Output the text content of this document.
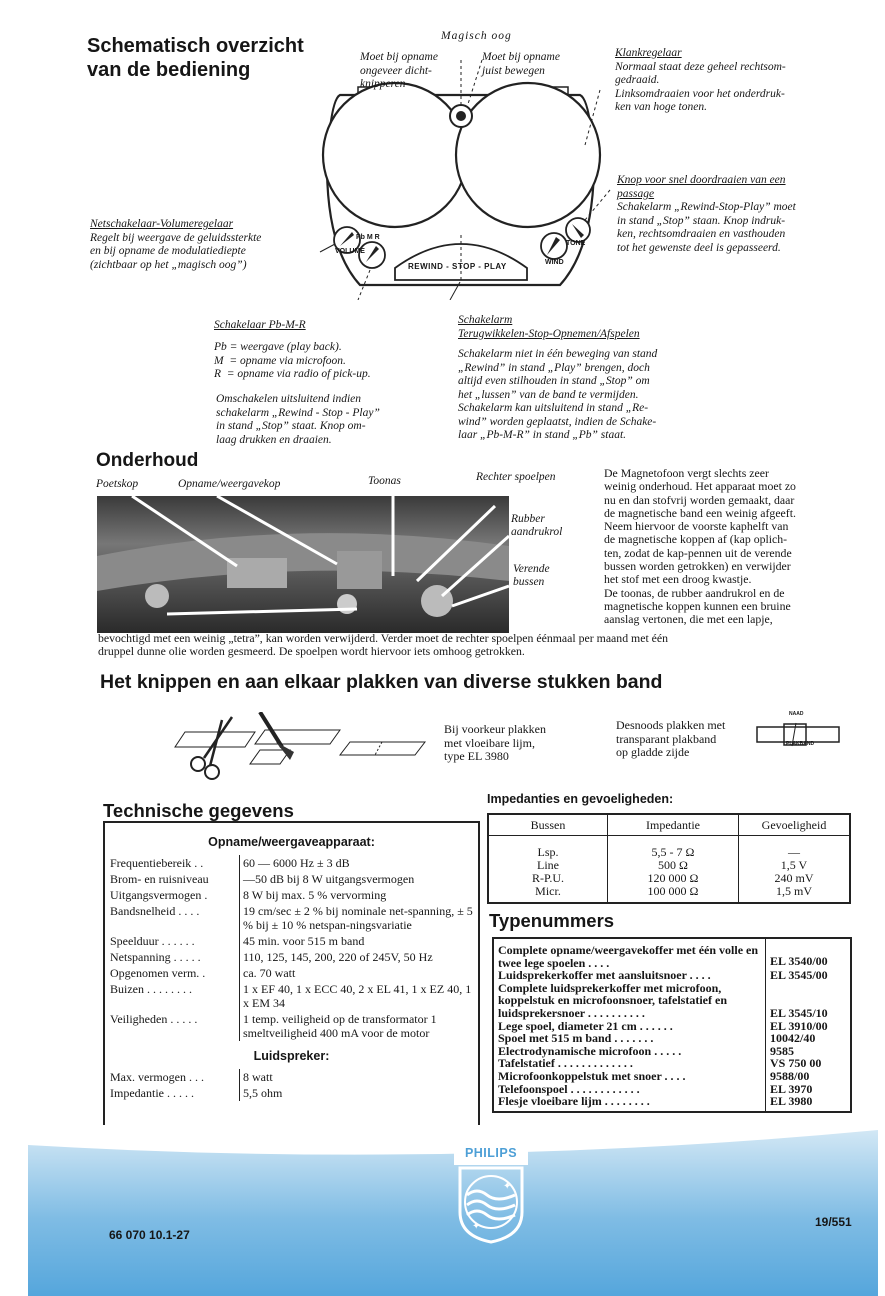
Schematisch overzicht
van de bediening
REWIND - STOP - PLAY
VOLUME
Pb M R
TONE
WIND
Magisch oog
Moet bij opname
ongeveer dicht-
knipperen
Moet bij opname
juist bewegen
Klankregelaar
Normaal staat deze geheel rechtsom-
gedraaid.
Linksomdraaien voor het onderdruk-
ken van hoge tonen.
Knop voor snel doordraaien van een
passage
Schakelarm „Rewind-Stop-Play” moet
in stand „Stop” staan. Knop indruk-
ken, rechtsomdraaien en vasthouden
tot het gewenste deel is gepasseerd.
Netschakelaar-Volumeregelaar
Regelt bij weergave de geluidssterkte
en bij opname de modulatiediepte
(zichtbaar op het „magisch oog”)
Schakelaar Pb-M-R
Pb = weergave (play back).
M  = opname via microfoon.
R  = opname via radio of pick-up.
Omschakelen uitsluitend indien
schakelarm „Rewind - Stop - Play”
in stand „Stop” staat. Knop om-
laag drukken en draaien.
Schakelarm
Terugwikkelen-Stop-Opnemen/Afspelen
Schakelarm niet in één beweging van stand
„Rewind” in stand „Play” brengen, doch
altijd even stilhouden in stand „Stop” om
het „lussen” van de band te vermijden.
Schakelarm kan uitsluitend in stand „Re-
wind” worden geplaatst, indien de Schake-
laar „Pb-M-R” in stand „Pb” staat.
Onderhoud
Poetskop	Opname/weergavekop	Toonas	Rechter spoelpen
Rubber
aandrukrol
Verende
bussen
De Magnetofoon vergt slechts zeer
weinig onderhoud. Het apparaat moet zo
nu en dan stofvrij worden gemaakt, daar
de magnetische band een weinig afgeeft.
Neem hiervoor de voorste kaphelft van
de magnetische koppen af (kap oplich-
ten, zodat de kap-pennen uit de verende
bussen worden getrokken) en verwijder
het stof met een droog kwastje.
De toonas, de rubber aandrukrol en de
magnetische koppen kunnen een bruine
aanslag vertonen, die met een lapje,
bevochtigd met een weinig „tetra”, kan worden verwijderd. Verder moet de rechter spoelpen éénmaal per maand met één
druppel dunne olie worden gesmeerd. De spoelpen wordt hiervoor iets omhoog getrokken.
Het knippen en aan elkaar plakken van diverse stukken band
Bij voorkeur plakken
met vloeibare lijm,
type EL 3980
Desnoods plakken met
transparant plakband
op gladde zijde
NAAD
PLAKBAND
Technische gegevens
Opname/weergaveapparaat:
Frequentiebereik . .	60 — 6000 Hz ± 3 dB
Brom- en ruisniveau	—50 dB bij 8 W uitgangsvermogen
Uitgangsvermogen .	8 W bij max. 5 % vervorming
Bandsnelheid . . . .	19 cm/sec ± 2 % bij nominale net-spanning, ± 5 % bij ± 10 % netspan-ningsvariatie
Speelduur . . . . . .	45 min. voor 515 m band
Netspanning . . . . .	110, 125, 145, 200, 220 of 245V, 50 Hz
Opgenomen verm. .	ca. 70 watt
Buizen . . . . . . . .	1 x EF 40, 1 x ECC 40, 2 x EL 41, 1 x EZ 40, 1 x EM 34
Veiligheden . . . . .	1 temp. veiligheid op de transformator 1 smeltveiligheid 400 mA voor de motor
Luidspreker:
Max. vermogen . . .	8 watt
Impedantie . . . . .	5,5 ohm
Impedanties en gevoeligheden:
Bussen	Impedantie	Gevoeligheid
Lsp.	5,5 - 7 Ω	—
Line	500 Ω	1,5 V
R-P.U.	120 000 Ω	240 mV
Micr.	100 000 Ω	1,5 mV
Typenummers
Complete opname/weergavekoffer met één volle en twee lege spoelen . . . .	EL 3540/00
Luidsprekerkoffer met aansluitsnoer . . . .	EL 3545/00
Complete luidsprekerkoffer met microfoon, koppelstuk en microfoonsnoer, tafelstatief en luidsprekersnoer . . . . . . . . . .	EL 3545/10
Lege spoel, diameter 21 cm . . . . . .	EL 3910/00
Spoel met 515 m band . . . . . . .	10042/40
Electrodynamische microfoon . . . . .	9585
Tafelstatief . . . . . . . . . . . . .	VS 750 00
Microfoonkoppelstuk met snoer . . . .	9588/00
Telefoonspoel . . . . . . . . . . . .	EL 3970
Flesje vloeibare lijm . . . . . . . .	EL 3980
✦
✦
PHILIPS
66 070 10.1-27
19/551
